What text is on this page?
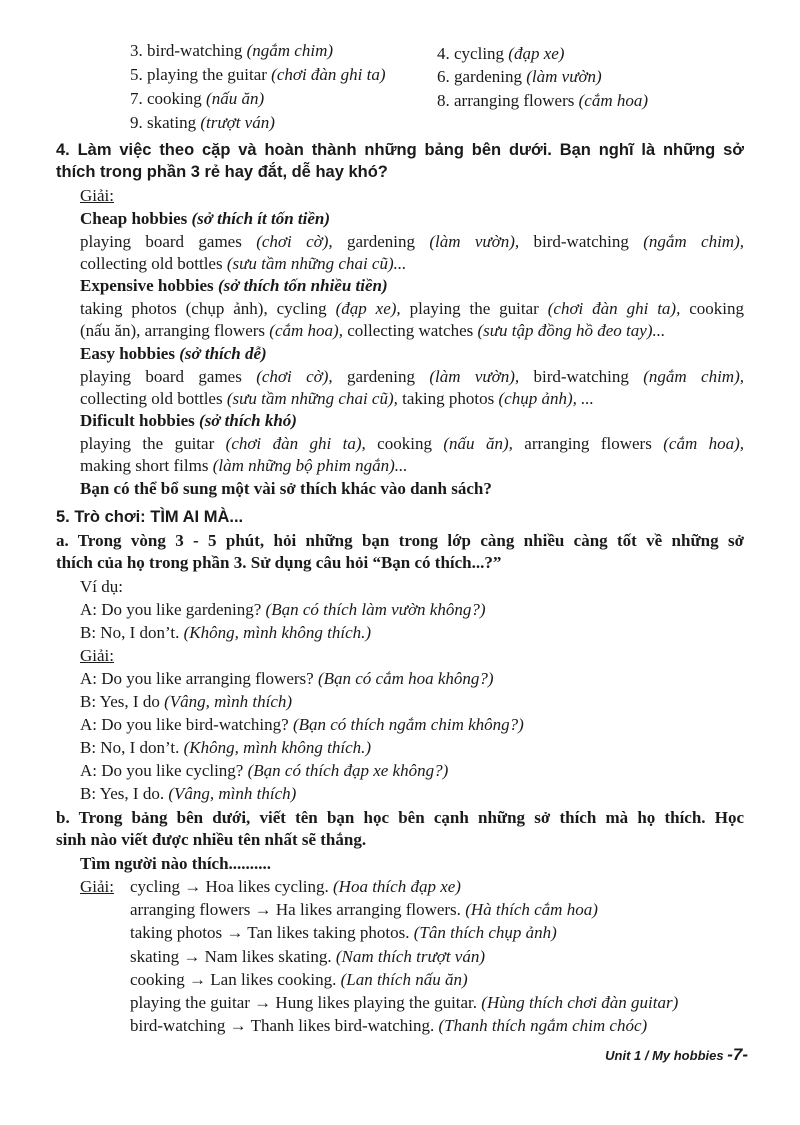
3. bird-watching (ngắm chim)	4. cycling (đạp xe)
5. playing the guitar (chơi đàn ghi ta)	6. gardening (làm vườn)
7. cooking (nấu ăn)	8. arranging flowers (cắm hoa)
9. skating (trượt ván)
4. Làm việc theo cặp và hoàn thành những bảng bên dưới. Bạn nghĩ là những sở
thích trong phần 3 rẻ hay đắt, dễ hay khó?
Giải:
Cheap hobbies (sở thích ít tốn tiền)
playing board games (chơi cờ), gardening (làm vườn), bird-watching (ngắm chim),
collecting old bottles (sưu tầm những chai cũ)...
Expensive hobbies (sở thích tốn nhiều tiền)
taking photos (chụp ảnh), cycling (đạp xe), playing the guitar (chơi đàn ghi ta), cooking
(nấu ăn), arranging flowers (cắm hoa), collecting watches (sưu tập đồng hồ đeo tay)...
Easy hobbies (sở thích dễ)
playing board games (chơi cờ), gardening (làm vườn), bird-watching (ngắm chim),
collecting old bottles (sưu tầm những chai cũ), taking photos (chụp ảnh), ...
Dificult hobbies (sở thích khó)
playing the guitar (chơi đàn ghi ta), cooking (nấu ăn), arranging flowers (cắm hoa),
making short films (làm những bộ phim ngắn)...
Bạn có thể bổ sung một vài sở thích khác vào danh sách?
5. Trò chơi: TÌM AI MÀ...
a. Trong vòng 3 - 5 phút, hỏi những bạn trong lớp càng nhiều càng tốt về những sở
thích của họ trong phần 3. Sử dụng câu hỏi “Bạn có thích...?”
Ví dụ:
A: Do you like gardening? (Bạn có thích làm vườn không?)
B: No, I don’t. (Không, mình không thích.)
Giải:
A: Do you like arranging flowers? (Bạn có cắm hoa không?)
B: Yes, I do (Vâng, mình thích)
A: Do you like bird-watching? (Bạn có thích ngắm chim không?)
B: No, I don’t. (Không, mình không thích.)
A: Do you like cycling? (Bạn có thích đạp xe không?)
B: Yes, I do. (Vâng, mình thích)
b. Trong bảng bên dưới, viết tên bạn học bên cạnh những sở thích mà họ thích. Học
sinh nào viết được nhiều tên nhất sẽ thắng.
Tìm người nào thích..........
Giải: cycling → Hoa likes cycling. (Hoa thích đạp xe)
arranging flowers → Ha likes arranging flowers. (Hà thích cắm hoa)
taking photos → Tan likes taking photos. (Tân thích chụp ảnh)
skating → Nam likes skating. (Nam thích trượt ván)
cooking → Lan likes cooking. (Lan thích nấu ăn)
playing the guitar → Hung likes playing the guitar. (Hùng thích chơi đàn guitar)
bird-watching → Thanh likes bird-watching. (Thanh thích ngắm chim chóc)
Unit 1 / My hobbies -7-
